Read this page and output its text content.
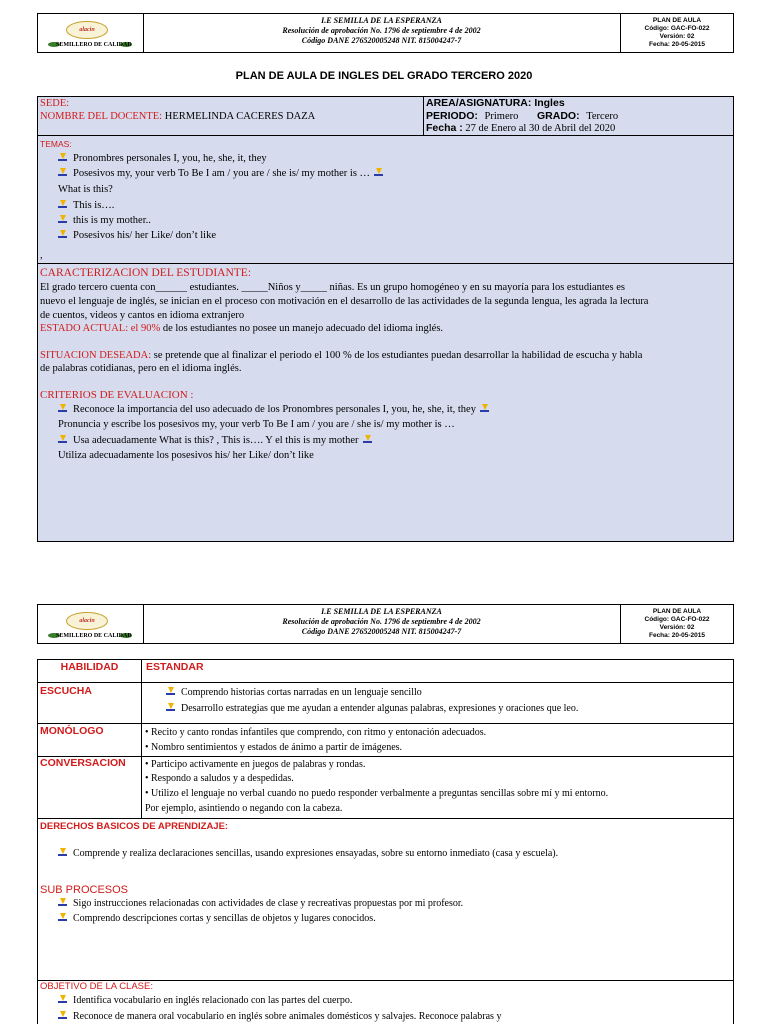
alacin
SEMILLERO DE CALIDAD
I.E SEMILLA DE LA ESPERANZA
Resolución de aprobación No. 1796 de septiembre 4 de 2002
Código DANE 276520005248 NIT. 815004247-7
PLAN DE AULA
Código: GAC-FO-022
Versión: 02
Fecha: 20-05-2015
PLAN DE AULA DE INGLES DEL GRADO TERCERO 2020
SEDE:
NOMBRE DEL DOCENTE: HERMELINDA CACERES DAZA
AREA/ASIGNATURA: Ingles
PERIODO: Primero GRADO: Tercero
Fecha : 27 de Enero al 30 de Abril del 2020
TEMAS:
Pronombres personales I, you, he, she, it, they
Posesivos my, your verb To Be I am / you are / she is/ my mother is …
What is this?
This is….
this is my mother..
Posesivos his/ her Like/ don’t like
,
CARACTERIZACION DEL ESTUDIANTE:
El grado tercero cuenta con______ estudiantes. _____Niños y_____ niñas. Es un grupo homogéneo y en su mayoría para los estudiantes es
nuevo el lenguaje de inglés, se inician en el proceso con motivación en el desarrollo de las actividades de la segunda lengua, les agrada la lectura
de cuentos, videos y cantos en idioma extranjero
ESTADO ACTUAL: el 90% de los estudiantes no posee un manejo adecuado del idioma inglés.
SITUACION DESEADA: se pretende que al finalizar el periodo el 100 % de los estudiantes puedan desarrollar la habilidad de escucha y habla
de palabras cotidianas, pero en el idioma inglés.
CRITERIOS DE EVALUACION :
Reconoce la importancia del uso adecuado de los Pronombres personales I, you, he, she, it, they
Pronuncia y escribe los posesivos my, your verb To Be I am / you are / she is/ my mother is …
Usa adecuadamente What is this? , This is…. Y el this is my mother
Utiliza adecuadamente los posesivos his/ her Like/ don’t like
alacin
SEMILLERO DE CALIDAD
I.E SEMILLA DE LA ESPERANZA
Resolución de aprobación No. 1796 de septiembre 4 de 2002
Código DANE 276520005248 NIT. 815004247-7
PLAN DE AULA
Código: GAC-FO-022
Versión: 02
Fecha: 20-05-2015
HABILIDAD	ESTANDAR
ESCUCHA	Comprendo historias cortas narradas en un lenguaje sencillo
Desarrollo estrategias que me ayudan a entender algunas palabras, expresiones y oraciones que leo.
MONÓLOGO	• Recito y canto rondas infantiles que comprendo, con ritmo y entonación adecuados.
• Nombro sentimientos y estados de ánimo a partir de imágenes.
CONVERSACION • Participo activamente en juegos de palabras y rondas.
• Respondo a saludos y a despedidas.
• Utilizo el lenguaje no verbal cuando no puedo responder verbalmente a preguntas sencillas sobre mí y mi entorno.
Por ejemplo, asintiendo o negando con la cabeza.
DERECHOS BASICOS DE APRENDIZAJE:
Comprende y realiza declaraciones sencillas, usando expresiones ensayadas, sobre su entorno inmediato (casa y escuela).
SUB PROCESOS
Sigo instrucciones relacionadas con actividades de clase y recreativas propuestas por mi profesor.
Comprendo descripciones cortas y sencillas de objetos y lugares conocidos.
OBJETIVO DE LA CLASE:
Identifica vocabulario en inglés relacionado con las partes del cuerpo.
Reconoce de manera oral vocabulario en inglés sobre animales domésticos y salvajes. Reconoce palabras y
